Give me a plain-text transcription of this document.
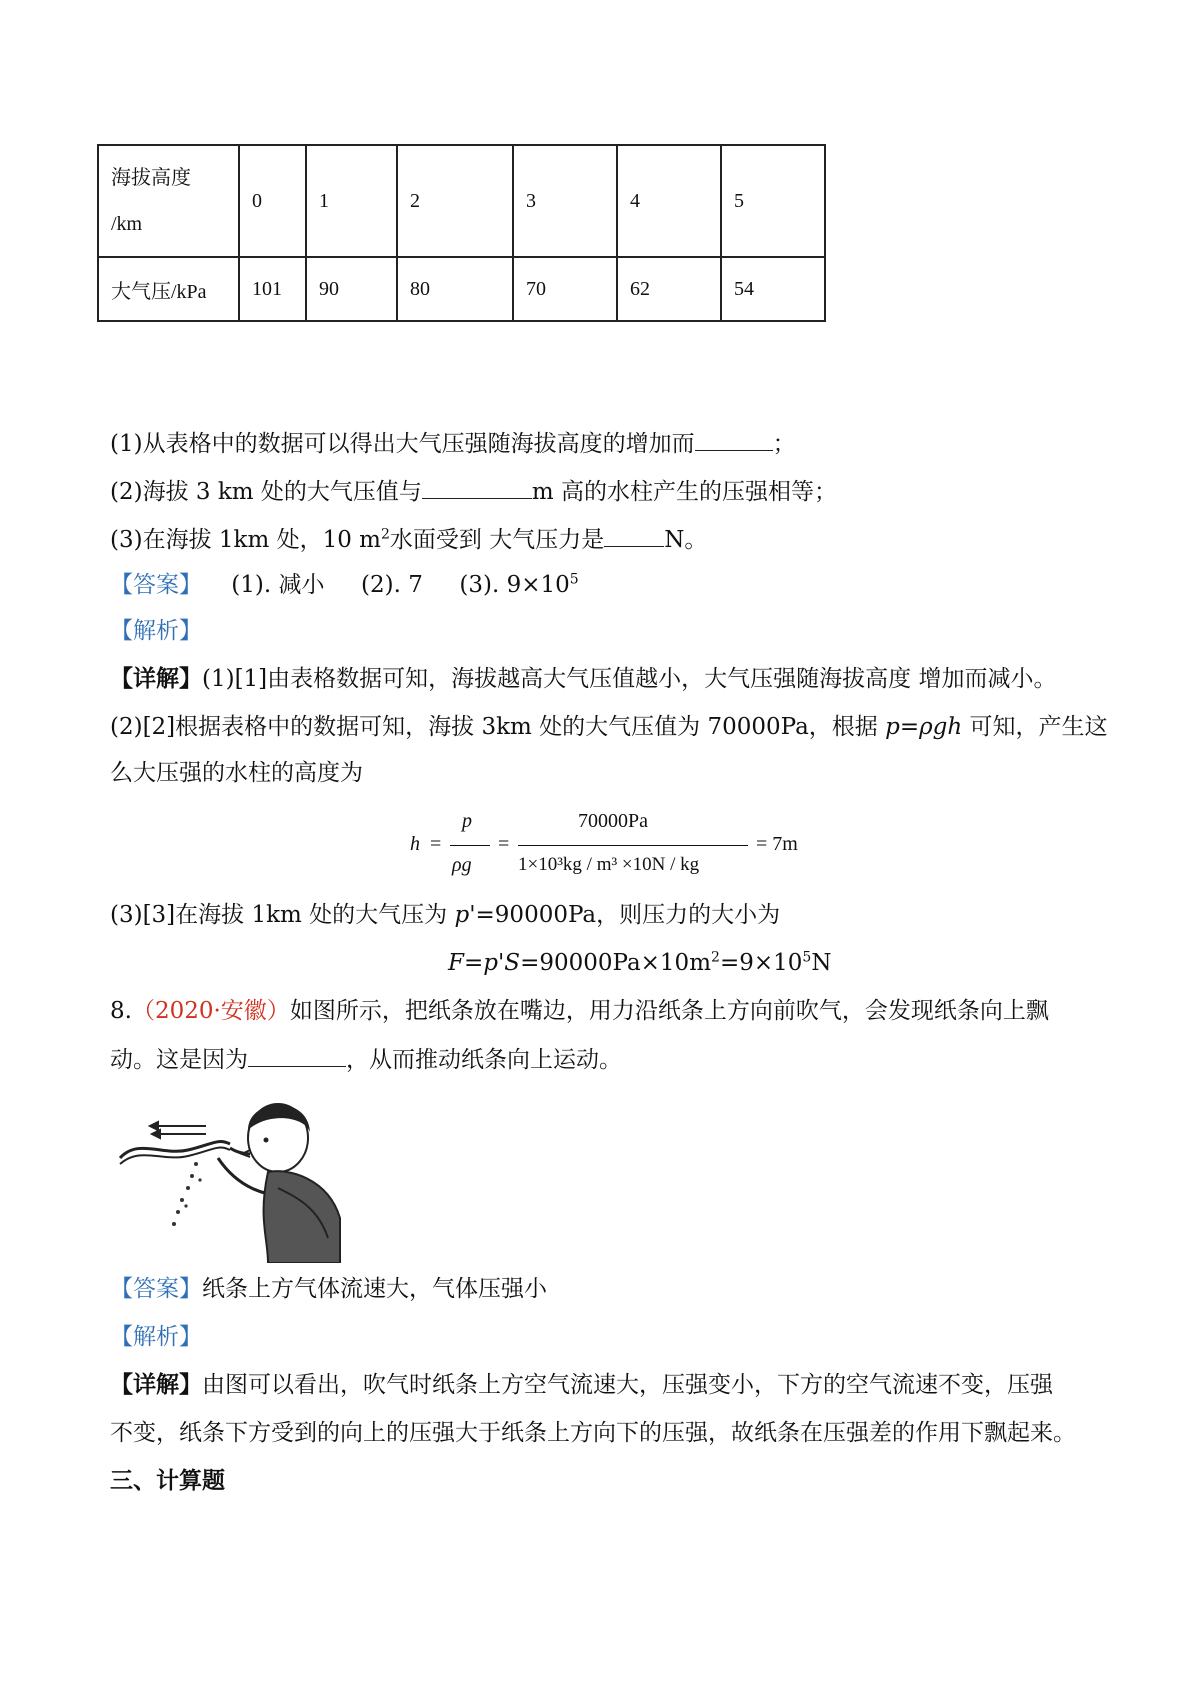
海拔高度
/km	0	1	2	3	4	5
大气压/kPa	101	90	80	70	62	54
(1)从表格中的数据可以得出大气压强随海拔高度的增加而	；
(2)海拔 3 km 处的大气压值与	m 高的水柱产生的压强相等；
(3)在海拔 1km 处，10 $m^2$水面受到 大气压力是	N。
【答案】    (1). 减小     (2). 7     (3). $9\times 10^5$
【解析】
【详解】(1)[1]由表格数据可知，海拔越高大气压值越小，大气压强随海拔高度 增加而减小。
(2)[2]根据表格中的数据可知，海拔 3km 处的大气压值为 70000Pa，根据 p=ρgh 可知，产生这
么大压强的水柱的高度为
h =
p
ρg
=
70000Pa
1×10³kg / m³ ×10N / kg
= 7m
(3)[3]在海拔 1km 处的大气压为 p'=90000Pa，则压力的大小为
$F=p'S=90000Pa\times 10m^2=9\times 10^5N$
8.（2020·安徽）如图所示，把纸条放在嘴边，用力沿纸条上方向前吹气，会发现纸条向上飘
动。这是因为	，从而推动纸条向上运动。
【答案】纸条上方气体流速大，气体压强小
【解析】
【详解】由图可以看出，吹气时纸条上方空气流速大，压强变小，下方的空气流速不变，压强
不变，纸条下方受到的向上的压强大于纸条上方向下的压强，故纸条在压强差的作用下飘起来。
三、计算题
